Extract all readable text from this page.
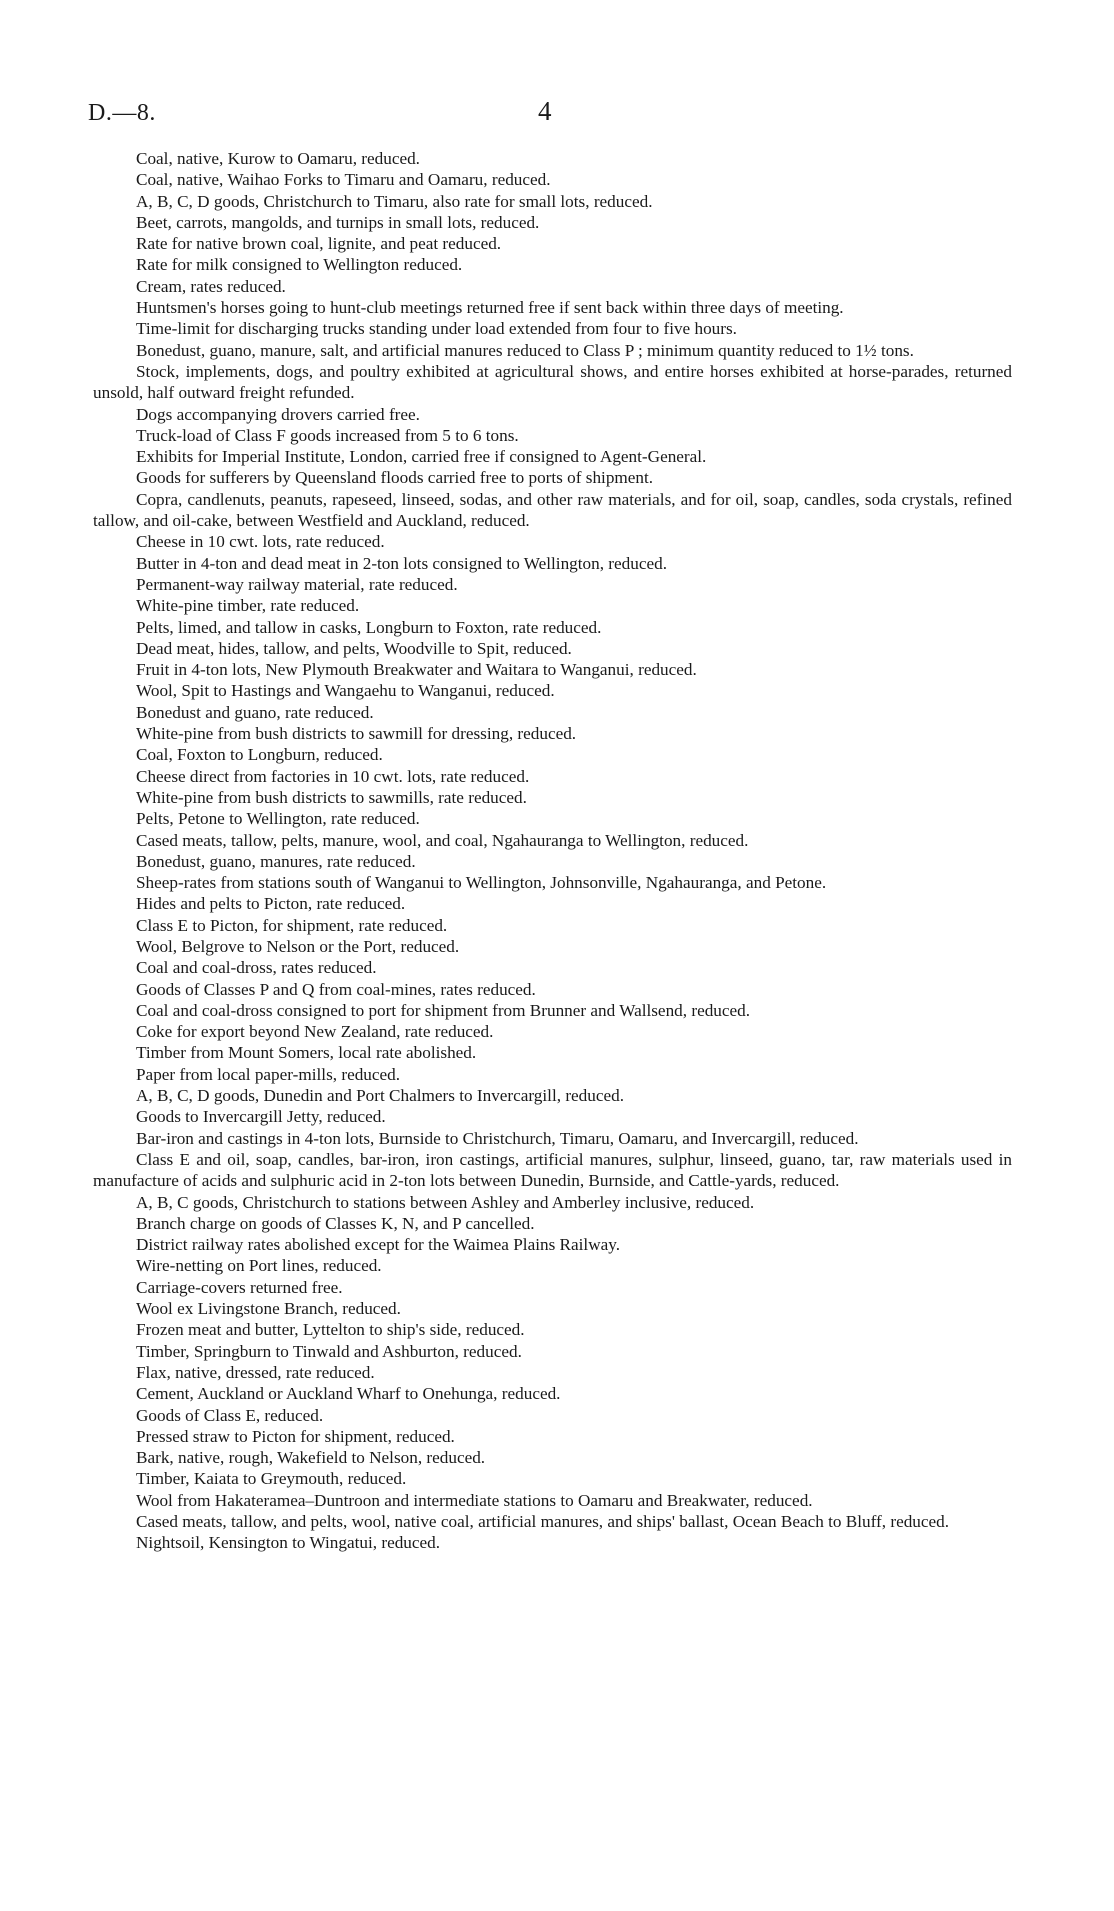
D.—8.	4
Coal, native, Kurow to Oamaru, reduced.
Coal, native, Waihao Forks to Timaru and Oamaru, reduced.
A, B, C, D goods, Christchurch to Timaru, also rate for small lots, reduced.
Beet, carrots, mangolds, and turnips in small lots, reduced.
Rate for native brown coal, lignite, and peat reduced.
Rate for milk consigned to Wellington reduced.
Cream, rates reduced.
Huntsmen's horses going to hunt-club meetings returned free if sent back within three days of meeting.
Time-limit for discharging trucks standing under load extended from four to five hours.
Bonedust, guano, manure, salt, and artificial manures reduced to Class P ; minimum quantity reduced to 1½ tons.
Stock, implements, dogs, and poultry exhibited at agricultural shows, and entire horses exhibited at horse-parades, returned unsold, half outward freight refunded.
Dogs accompanying drovers carried free.
Truck-load of Class F goods increased from 5 to 6 tons.
Exhibits for Imperial Institute, London, carried free if consigned to Agent-General.
Goods for sufferers by Queensland floods carried free to ports of shipment.
Copra, candlenuts, peanuts, rapeseed, linseed, sodas, and other raw materials, and for oil, soap, candles, soda crystals, refined tallow, and oil-cake, between Westfield and Auckland, reduced.
Cheese in 10 cwt. lots, rate reduced.
Butter in 4-ton and dead meat in 2-ton lots consigned to Wellington, reduced.
Permanent-way railway material, rate reduced.
White-pine timber, rate reduced.
Pelts, limed, and tallow in casks, Longburn to Foxton, rate reduced.
Dead meat, hides, tallow, and pelts, Woodville to Spit, reduced.
Fruit in 4-ton lots, New Plymouth Breakwater and Waitara to Wanganui, reduced.
Wool, Spit to Hastings and Wangaehu to Wanganui, reduced.
Bonedust and guano, rate reduced.
White-pine from bush districts to sawmill for dressing, reduced.
Coal, Foxton to Longburn, reduced.
Cheese direct from factories in 10 cwt. lots, rate reduced.
White-pine from bush districts to sawmills, rate reduced.
Pelts, Petone to Wellington, rate reduced.
Cased meats, tallow, pelts, manure, wool, and coal, Ngahauranga to Wellington, reduced.
Bonedust, guano, manures, rate reduced.
Sheep-rates from stations south of Wanganui to Wellington, Johnsonville, Ngahauranga, and Petone.
Hides and pelts to Picton, rate reduced.
Class E to Picton, for shipment, rate reduced.
Wool, Belgrove to Nelson or the Port, reduced.
Coal and coal-dross, rates reduced.
Goods of Classes P and Q from coal-mines, rates reduced.
Coal and coal-dross consigned to port for shipment from Brunner and Wallsend, reduced.
Coke for export beyond New Zealand, rate reduced.
Timber from Mount Somers, local rate abolished.
Paper from local paper-mills, reduced.
A, B, C, D goods, Dunedin and Port Chalmers to Invercargill, reduced.
Goods to Invercargill Jetty, reduced.
Bar-iron and castings in 4-ton lots, Burnside to Christchurch, Timaru, Oamaru, and Invercargill, reduced.
Class E and oil, soap, candles, bar-iron, iron castings, artificial manures, sulphur, linseed, guano, tar, raw materials used in manufacture of acids and sulphuric acid in 2-ton lots between Dunedin, Burnside, and Cattle-yards, reduced.
A, B, C goods, Christchurch to stations between Ashley and Amberley inclusive, reduced.
Branch charge on goods of Classes K, N, and P cancelled.
District railway rates abolished except for the Waimea Plains Railway.
Wire-netting on Port lines, reduced.
Carriage-covers returned free.
Wool ex Livingstone Branch, reduced.
Frozen meat and butter, Lyttelton to ship's side, reduced.
Timber, Springburn to Tinwald and Ashburton, reduced.
Flax, native, dressed, rate reduced.
Cement, Auckland or Auckland Wharf to Onehunga, reduced.
Goods of Class E, reduced.
Pressed straw to Picton for shipment, reduced.
Bark, native, rough, Wakefield to Nelson, reduced.
Timber, Kaiata to Greymouth, reduced.
Wool from Hakateramea–Duntroon and intermediate stations to Oamaru and Breakwater, reduced.
Cased meats, tallow, and pelts, wool, native coal, artificial manures, and ships' ballast, Ocean Beach to Bluff, reduced.
Nightsoil, Kensington to Wingatui, reduced.
